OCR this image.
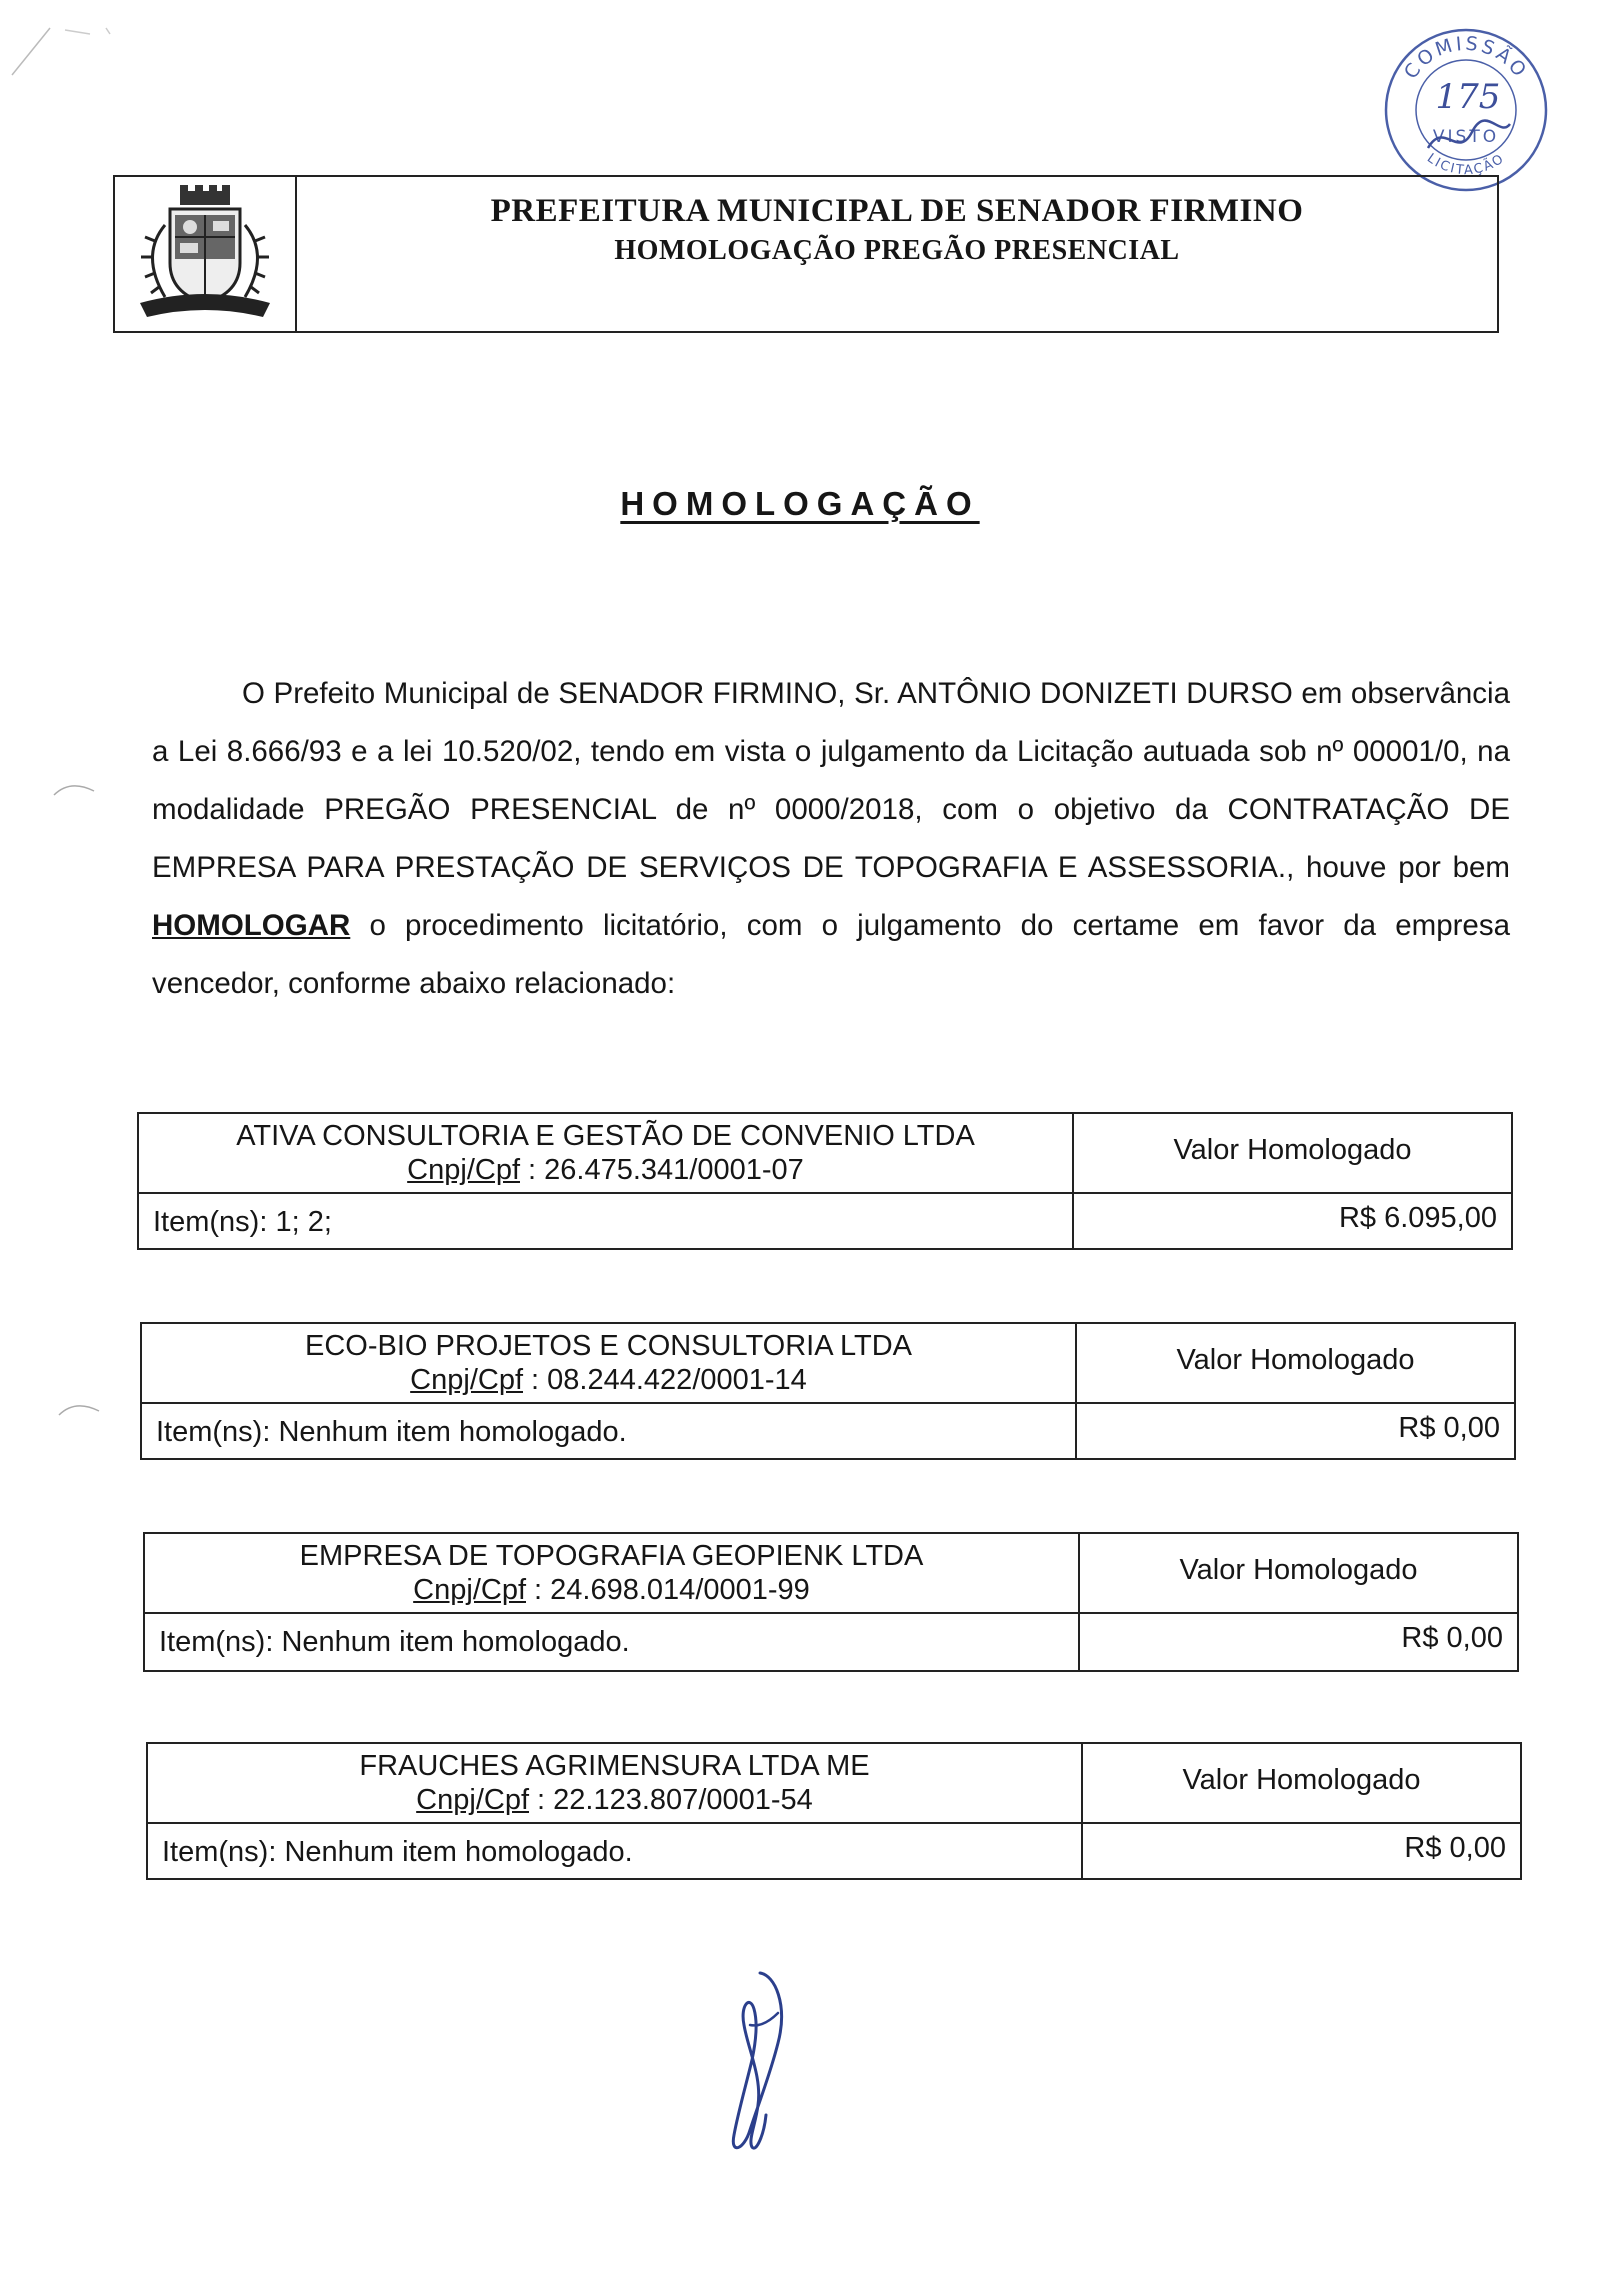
COMISSÃO
LICITAÇÃO
175
VISTO
PREFEITURA MUNICIPAL DE SENADOR FIRMINO
HOMOLOGAÇÃO PREGÃO PRESENCIAL
HOMOLOGAÇÃO
O Prefeito Municipal de SENADOR FIRMINO, Sr. ANTÔNIO DONIZETI DURSO em observância a Lei 8.666/93 e a lei 10.520/02, tendo em vista o julgamento da Licitação autuada sob nº 00001/0, na modalidade PREGÃO PRESENCIAL de nº 0000/2018, com o objetivo da CONTRATAÇÃO DE EMPRESA PARA PRESTAÇÃO DE SERVIÇOS DE TOPOGRAFIA E ASSESSORIA., houve por bem HOMOLOGAR o procedimento licitatório, com o julgamento do certame em favor da empresa vencedor, conforme abaixo relacionado:
ATIVA CONSULTORIA E GESTÃO DE CONVENIO LTDA
Cnpj/Cpf : 26.475.341/0001-07
Item(ns): 1; 2;
Valor Homologado
R$ 6.095,00
ECO-BIO PROJETOS E CONSULTORIA LTDA
Cnpj/Cpf : 08.244.422/0001-14
Item(ns): Nenhum item homologado.
Valor Homologado
R$ 0,00
EMPRESA DE TOPOGRAFIA GEOPIENK LTDA
Cnpj/Cpf : 24.698.014/0001-99
Item(ns): Nenhum item homologado.
Valor Homologado
R$ 0,00
FRAUCHES AGRIMENSURA LTDA ME
Cnpj/Cpf : 22.123.807/0001-54
Item(ns): Nenhum item homologado.
Valor Homologado
R$ 0,00
